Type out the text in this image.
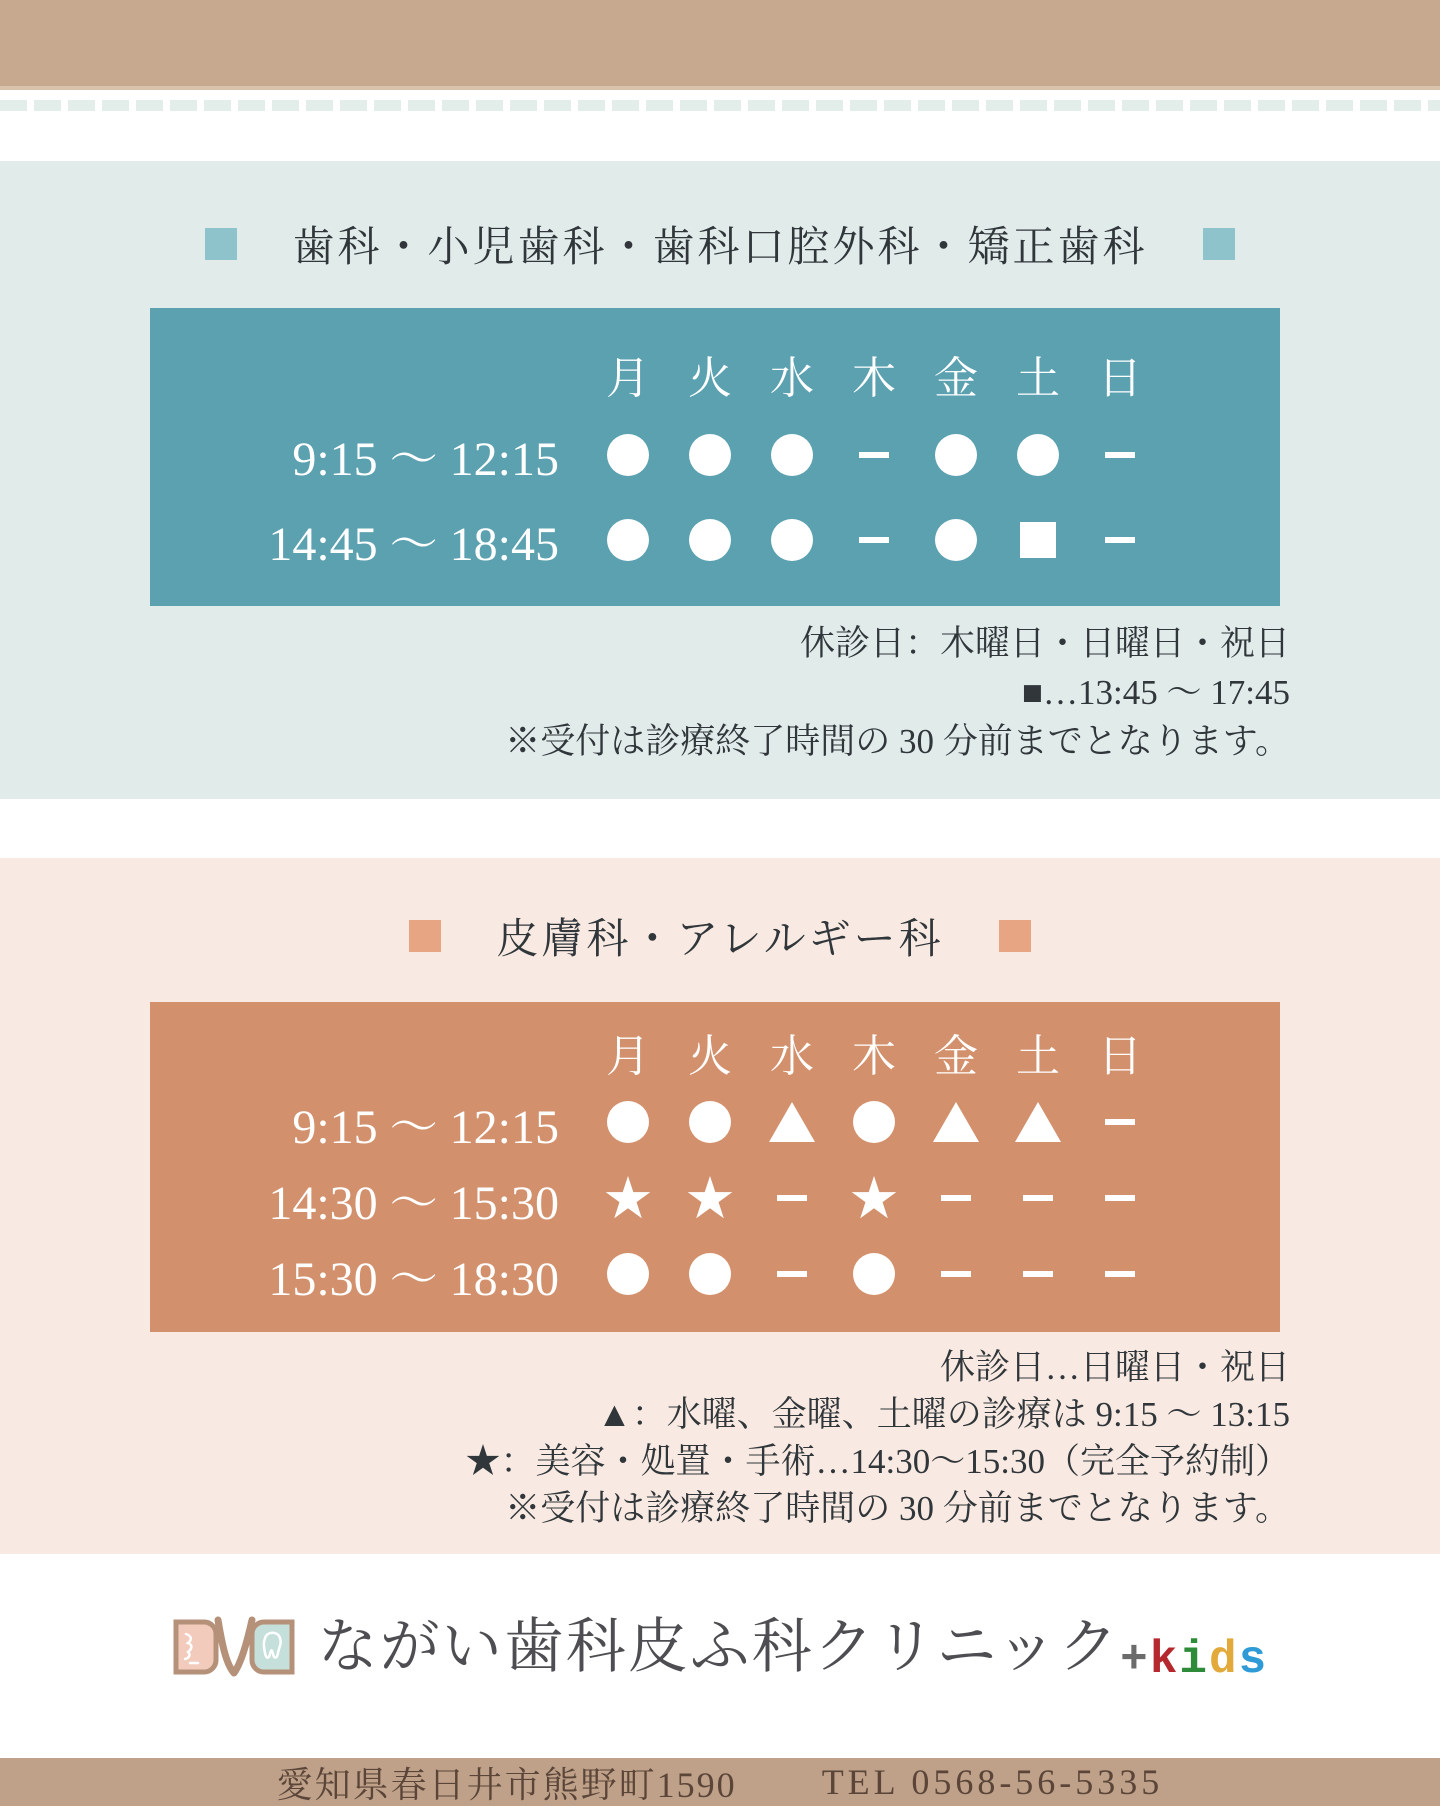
歯科・小児歯科・歯科口腔外科・矯正歯科
月 火 水 木 金 土 日
9:15 ～ 12:15
14:45 ～ 18:45
休診日：木曜日・日曜日・祝日
■…13:45 ～ 17:45
※受付は診療終了時間の 30 分前までとなります。
皮膚科・アレルギー科
月 火 水 木 金 土 日
9:15 ～ 12:15
14:30 ～ 15:30
★
★
★
15:30 ～ 18:30
休診日…日曜日・祝日
▲：水曜、金曜、土曜の診療は 9:15 ～ 13:15
★：美容・処置・手術…14:30～15:30（完全予約制）
※受付は診療終了時間の 30 分前までとなります。
ながい歯科皮ふ科クリニック +kids
愛知県春日井市熊野町1590 TEL 0568-56-5335
